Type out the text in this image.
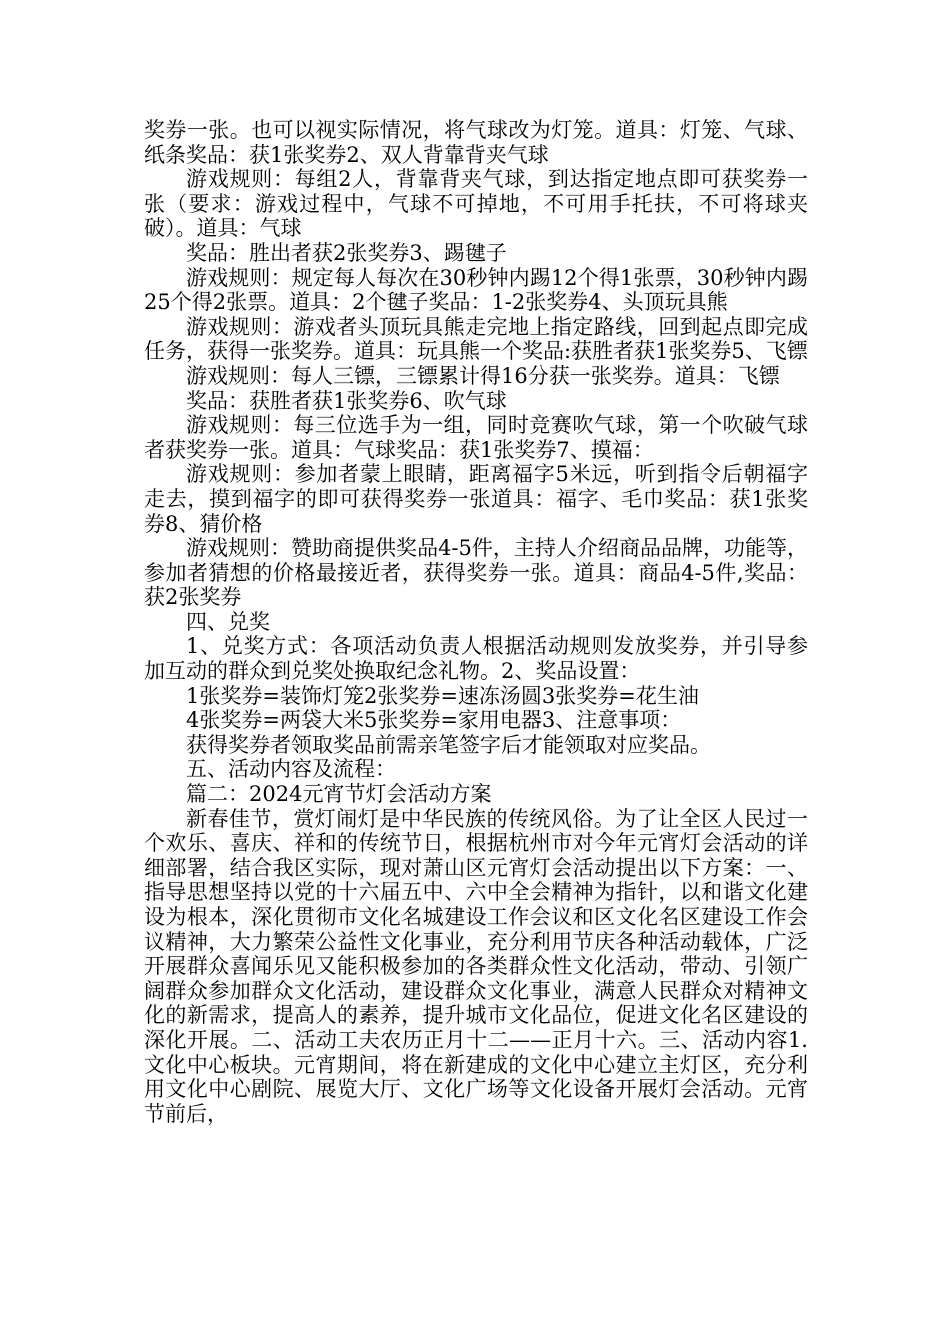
奖券一张。也可以视实际情况，将气球改为灯笼。道具：灯笼、气球、纸条奖品：获1张奖券2、双人背靠背夹气球

游戏规则：每组2人，背靠背夹气球，到达指定地点即可获奖券一张（要求：游戏过程中，气球不可掉地，不可用手托扶，不可将球夹破）。道具：气球

奖品：胜出者获2张奖券3、踢毽子

游戏规则：规定每人每次在30秒钟内踢12个得1张票，30秒钟内踢25个得2张票。道具：2个毽子奖品：1-2张奖券4、头顶玩具熊

游戏规则：游戏者头顶玩具熊走完地上指定路线，回到起点即完成任务，获得一张奖券。道具：玩具熊一个奖品:获胜者获1张奖券5、飞镖

游戏规则：每人三镖，三镖累计得16分获一张奖券。道具：飞镖

奖品：获胜者获1张奖券6、吹气球

游戏规则：每三位选手为一组，同时竞赛吹气球，第一个吹破气球者获奖券一张。道具：气球奖品：获1张奖券7、摸福：

游戏规则：参加者蒙上眼睛，距离福字5米远，听到指令后朝福字走去，摸到福字的即可获得奖券一张道具：福字、毛巾奖品：获1张奖券8、猜价格

游戏规则：赞助商提供奖品4-5件，主持人介绍商品品牌，功能等，参加者猜想的价格最接近者，获得奖券一张。道具：商品4-5件,奖品：获2张奖券

四、兑奖

1、兑奖方式：各项活动负责人根据活动规则发放奖券，并引导参加互动的群众到兑奖处换取纪念礼物。2、奖品设置：

1张奖券=装饰灯笼2张奖券=速冻汤圆3张奖券=花生油

4张奖券=两袋大米5张奖券=家用电器3、注意事项：

获得奖券者领取奖品前需亲笔签字后才能领取对应奖品。

五、活动内容及流程：

篇二：2024元宵节灯会活动方案

新春佳节，赏灯闹灯是中华民族的传统风俗。为了让全区人民过一个欢乐、喜庆、祥和的传统节日，根据杭州市对今年元宵灯会活动的详细部署，结合我区实际，现对萧山区元宵灯会活动提出以下方案：一、指导思想坚持以党的十六届五中、六中全会精神为指针，以和谐文化建设为根本，深化贯彻市文化名城建设工作会议和区文化名区建设工作会议精神，大力繁荣公益性文化事业，充分利用节庆各种活动载体，广泛开展群众喜闻乐见又能积极参加的各类群众性文化活动，带动、引领广阔群众参加群众文化活动，建设群众文化事业，满意人民群众对精神文化的新需求，提高人的素养，提升城市文化品位，促进文化名区建设的深化开展。二、活动工夫农历正月十二——正月十六。三、活动内容1.文化中心板块。元宵期间，将在新建成的文化中心建立主灯区，充分利用文化中心剧院、展览大厅、文化广场等文化设备开展灯会活动。元宵节前后，
